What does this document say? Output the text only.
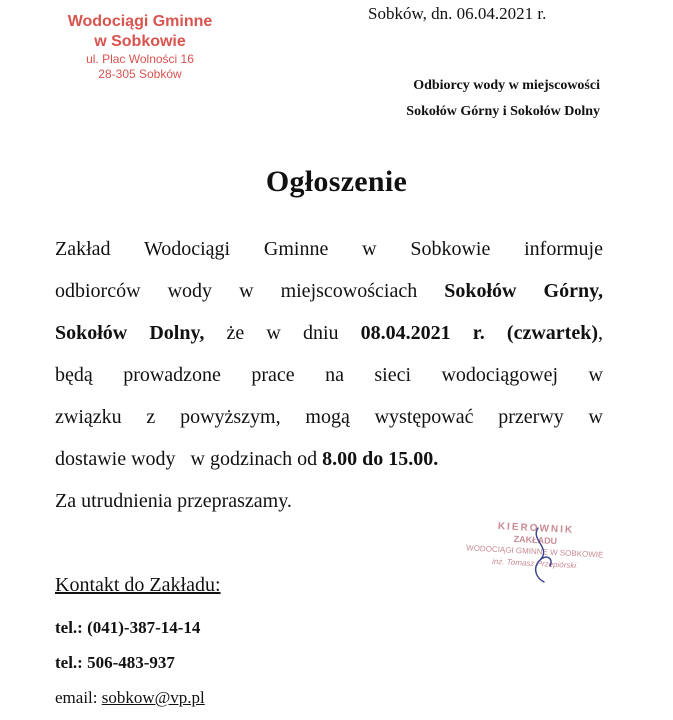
Wodociągi Gminne
w Sobkowie
ul. Plac Wolności 16
28-305 Sobków
Sobków, dn. 06.04.2021 r.
Odbiorcy wody w miejscowości
Sokołów Górny i Sokołów Dolny
Ogłoszenie
Zakład Wodociągi Gminne w Sobkowie informuje
odbiorców wody w miejscowościach Sokołów Górny,
Sokołów Dolny, że w dniu 08.04.2021 r. (czwartek),
będą prowadzone prace na sieci wodociągowej w
związku z powyższym, mogą występować przerwy w
dostawie wody   w godzinach od 8.00 do 15.00.
Za utrudnienia przepraszamy.
KIEROWNIK
ZAKŁADU
WODOCIĄGI GMINNE W SOBKOWIE
inż. Tomasz Przepiórski
Kontakt do Zakładu:
tel.: (041)-387-14-14
tel.: 506-483-937
email: sobkow@vp.pl
